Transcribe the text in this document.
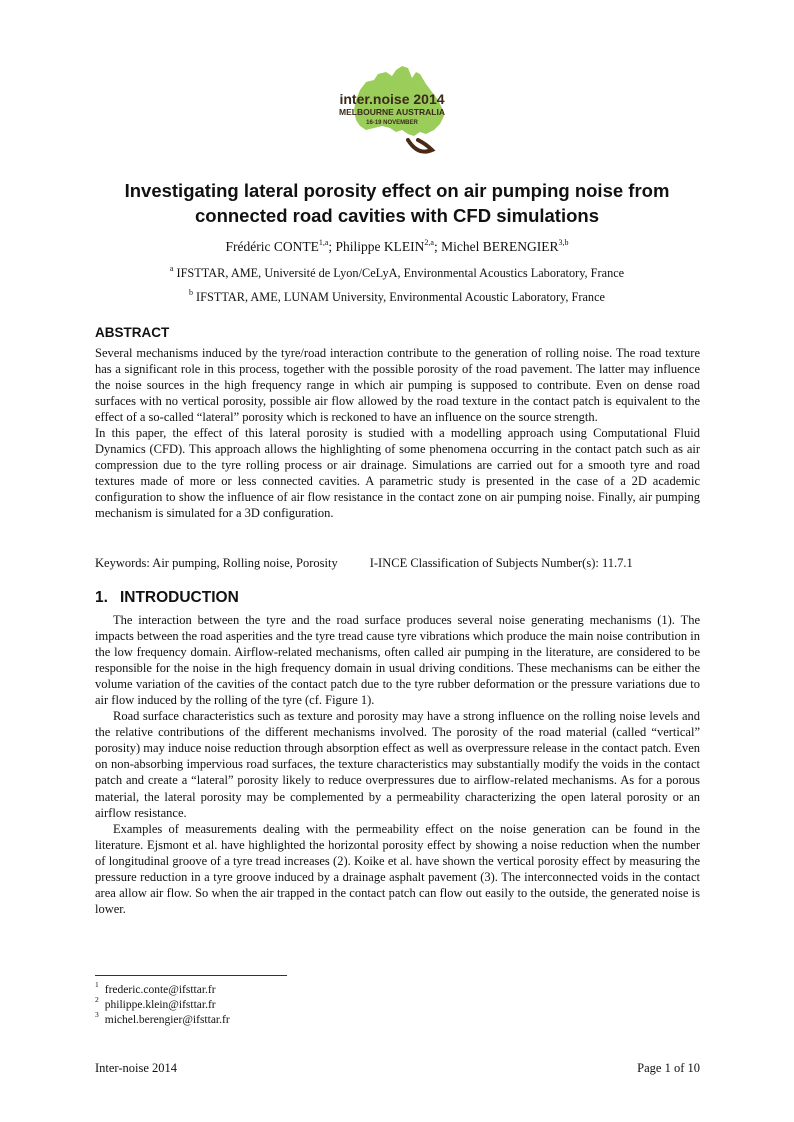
inter.noise 2014
MELBOURNE AUSTRALIA
16-19 NOVEMBER
Investigating lateral porosity effect on air pumping noise from
connected road cavities with CFD simulations
Frédéric CONTE$^{1,a}$; Philippe KLEIN$^{2,a}$; Michel BERENGIER$^{3,b}$
$^a$ IFSTTAR, AME, Université de Lyon/CeLyA, Environmental Acoustics Laboratory, France
$^b$ IFSTTAR, AME, LUNAM University, Environmental Acoustic Laboratory, France
ABSTRACT

Several mechanisms induced by the tyre/road interaction contribute to the generation of rolling noise. The road texture has a significant role in this process, together with the possible porosity of the road pavement. The latter may influence the noise sources in the high frequency range in which air pumping is supposed to contribute. Even on dense road surfaces with no vertical porosity, possible air flow allowed by the road texture in the contact patch is equivalent to the effect of a so-called “lateral” porosity which is reckoned to have an influence on the source strength.

In this paper, the effect of this lateral porosity is studied with a modelling approach using Computational Fluid Dynamics (CFD). This approach allows the highlighting of some phenomena occurring in the contact patch such as air compression due to the tyre rolling process or air drainage. Simulations are carried out for a smooth tyre and road textures made of more or less connected cavities. A parametric study is presented in the case of a 2D academic configuration to show the influence of air flow resistance in the contact zone on air pumping noise. Finally, air pumping mechanism is simulated for a 3D configuration.

Keywords: Air pumping, Rolling noise, Porosity	I-INCE Classification of Subjects Number(s): 11.7.1
1. INTRODUCTION

The interaction between the tyre and the road surface produces several noise generating mechanisms (1). The impacts between the road asperities and the tyre tread cause tyre vibrations which produce the main noise contribution in the low frequency domain. Airflow-related mechanisms, often called air pumping in the literature, are considered to be responsible for the noise in the high frequency domain in usual driving conditions. These mechanisms can be either the volume variation of the cavities of the contact patch due to the tyre rubber deformation or the pressure variations due to air flow induced by the rolling of the tyre (cf. Figure 1).

Road surface characteristics such as texture and porosity may have a strong influence on the rolling noise levels and the relative contributions of the different mechanisms involved. The porosity of the road material (called “vertical” porosity) may induce noise reduction through absorption effect as well as overpressure release in the contact patch. Even on non-absorbing impervious road surfaces, the texture characteristics may substantially modify the voids in the contact patch and create a “lateral” porosity likely to reduce overpressures due to airflow-related mechanisms. As for a porous material, the lateral porosity may be complemented by a permeability characterizing the open lateral porosity or an airflow resistance.

Examples of measurements dealing with the permeability effect on the noise generation can be found in the literature. Ejsmont et al. have highlighted the horizontal porosity effect by showing a noise reduction when the number of longitudinal groove of a tyre tread increases (2). Koike et al. have shown the vertical porosity effect by measuring the pressure reduction in a tyre groove induced by a drainage asphalt pavement (3). The interconnected voids in the contact area allow air flow. So when the air trapped in the contact patch can flow out easily to the outside, the generated noise is lower.

$^1$ frederic.conte@ifsttar.fr
$^2$ philippe.klein@ifsttar.fr
$^3$ michel.berengier@ifsttar.fr
Inter-noise 2014	Page 1 of 10
